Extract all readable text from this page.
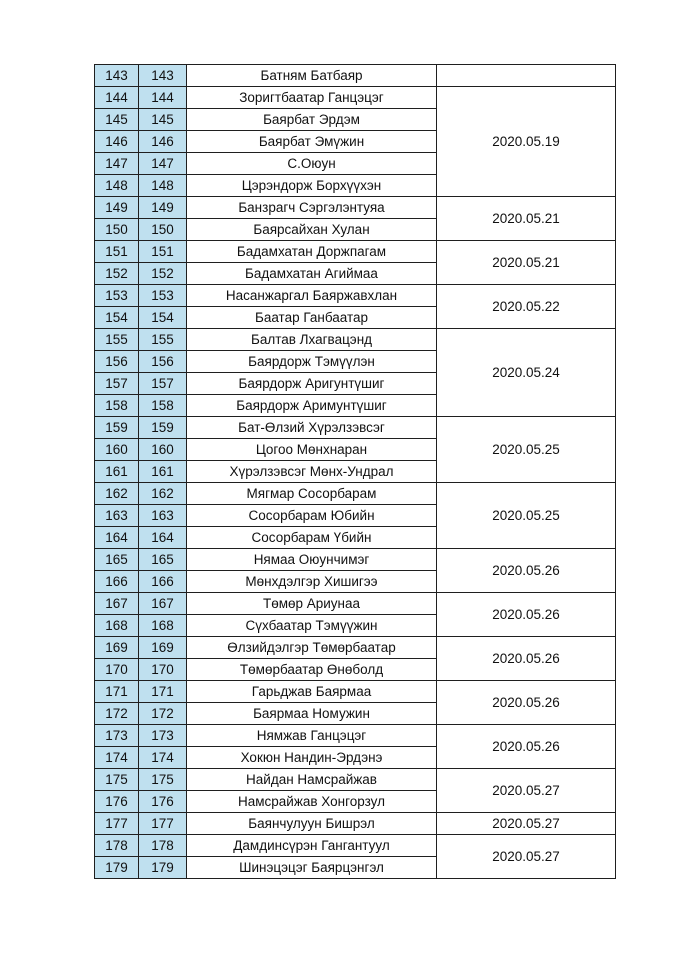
143	143	Батням Батбаяр	
144	144	Зоригтбаатар Ганцэцэг	2020.05.19
145	145	Баярбат Эрдэм	
146	146	Баярбат Эмүжин	
147	147	С.Оюун	
148	148	Цэрэндорж Борхүүхэн	
149	149	Банзрагч Сэргэлэнтуяа	2020.05.21
150	150	Баярсайхан Хулан	
151	151	Бадамхатан Доржпагам	2020.05.21
152	152	Бадамхатан Агиймаа	
153	153	Насанжаргал Баяржавхлан	2020.05.22
154	154	Баатар Ганбаатар	
155	155	Балтав Лхагвацэнд	2020.05.24
156	156	Баярдорж Тэмүүлэн	
157	157	Баярдорж Аригунтүшиг	
158	158	Баярдорж Аримунтүшиг	
159	159	Бат-Өлзий Хүрэлзэвсэг	2020.05.25
160	160	Цогоо Мөнхнаран	
161	161	Хүрэлзэвсэг Мөнх-Ундрал	
162	162	Мягмар Сосорбарам	2020.05.25
163	163	Сосорбарам Юбийн	
164	164	Сосорбарам Үбийн	
165	165	Нямаа Оюунчимэг	2020.05.26
166	166	Мөнхдэлгэр Хишигээ	
167	167	Төмөр Ариунаа	2020.05.26
168	168	Сүхбаатар Тэмүүжин	
169	169	Өлзийдэлгэр Төмөрбаатар	2020.05.26
170	170	Төмөрбаатар Өнөболд	
171	171	Гарьджав Баярмаа	2020.05.26
172	172	Баярмаа Номужин	
173	173	Нямжав Ганцэцэг	2020.05.26
174	174	Хокюн Нандин-Эрдэнэ	
175	175	Найдан Намсрайжав	2020.05.27
176	176	Намсрайжав Хонгорзул	
177	177	Баянчулуун Бишрэл	2020.05.27
178	178	Дамдинсүрэн Гангантуул	2020.05.27
179	179	Шинэцэцэг Баярцэнгэл	
